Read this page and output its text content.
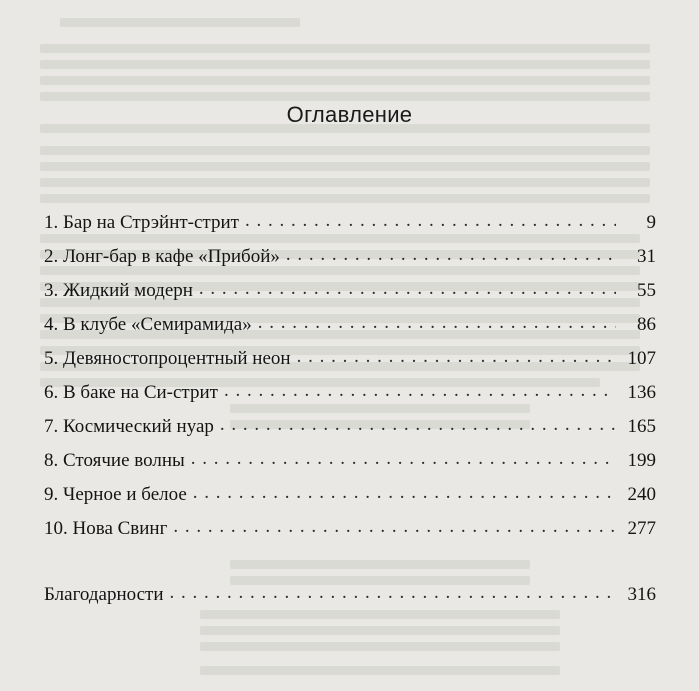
Оглавление
1. Бар на Стрэйнт-стрит . . .	9
2. Лонг-бар в кафе «Прибой» . . .	31
3. Жидкий модерн . . .	55
4. В клубе «Семирамида» . . .	86
5. Девяностопроцентный неон . . .	107
6. В баке на Си-стрит . . .	136
7. Космический нуар . . .	165
8. Стоячие волны . . .	199
9. Черное и белое . . .	240
10. Нова Свинг . . .	277
Благодарности . . .	316
